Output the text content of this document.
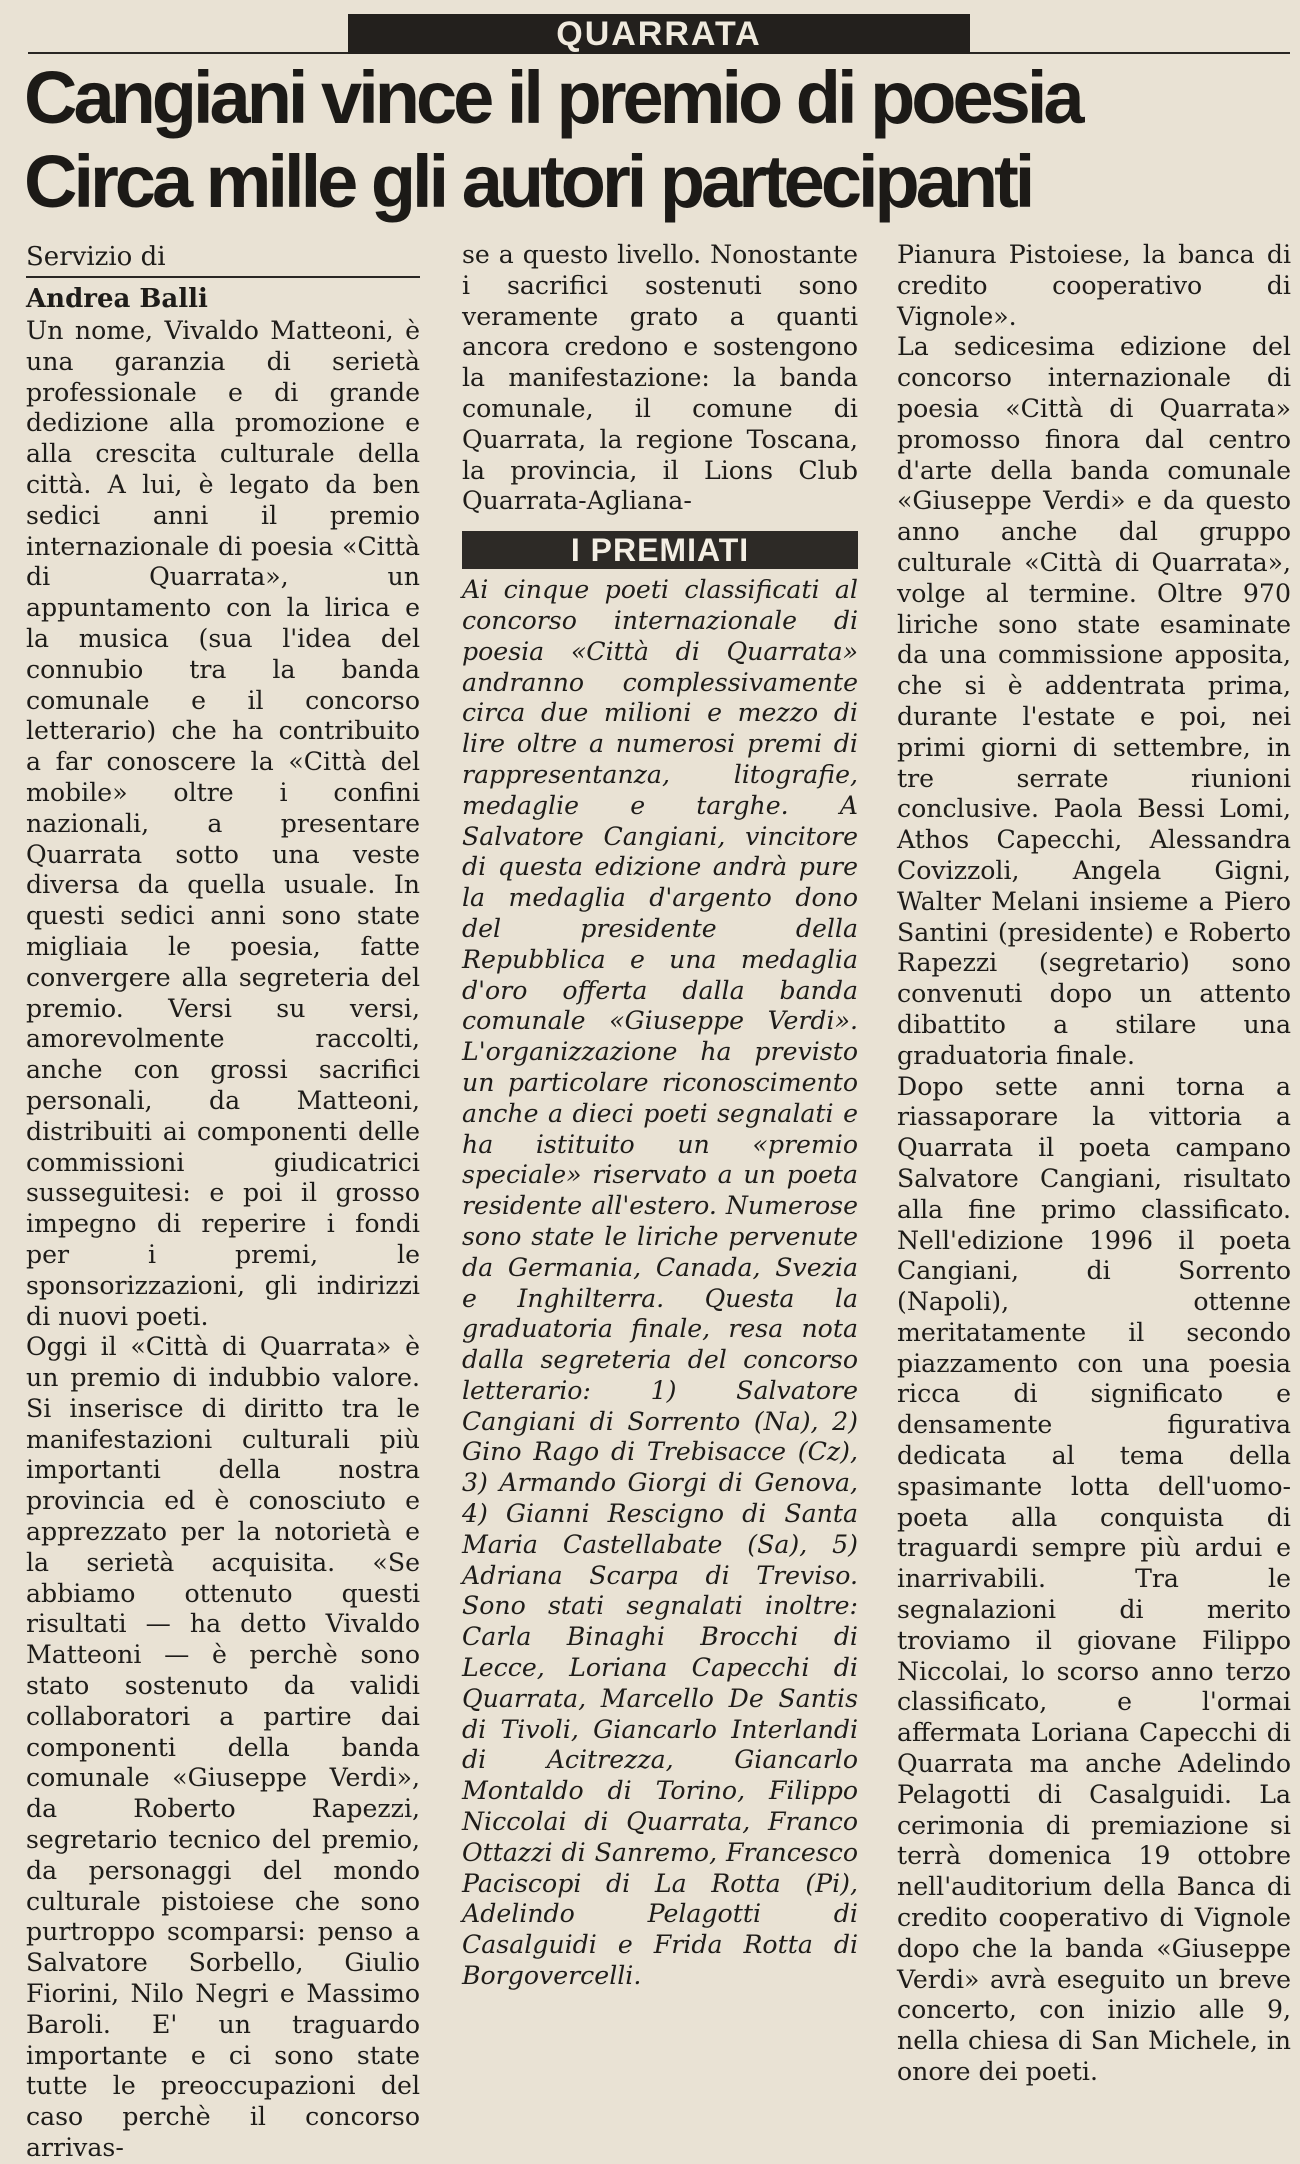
QUARRATA
Cangiani vince il premio di poesia
Circa mille gli autori partecipanti

Servizio di

Andrea Balli

Un nome, Vivaldo Matteoni, è una garanzia di serietà professionale e di grande dedizione alla promozione e alla crescita culturale della città. A lui, è legato da ben sedici anni il premio internazionale di poesia «Città di Quarrata», un appuntamento con la lirica e la musica (sua l'idea del connubio tra la banda comunale e il concorso letterario) che ha contribuito a far conoscere la «Città del mobile» oltre i confini nazionali, a presentare Quarrata sotto una veste diversa da quella usuale. In questi sedici anni sono state migliaia le poesia, fatte convergere alla segreteria del premio. Versi su versi, amorevolmente raccolti, anche con grossi sacrifici personali, da Matteoni, distribuiti ai componenti delle commissioni giudicatrici susseguitesi: e poi il grosso impegno di reperire i fondi per i premi, le sponsorizzazioni, gli indirizzi di nuovi poeti.

Oggi il «Città di Quarrata» è un premio di indubbio valore. Si inserisce di diritto tra le manifestazioni culturali più importanti della nostra provincia ed è conosciuto e apprezzato per la notorietà e la serietà acquisita. «Se abbiamo ottenuto questi risultati — ha detto Vivaldo Matteoni — è perchè sono stato sostenuto da validi collaboratori a partire dai componenti della banda comunale «Giuseppe Verdi», da Roberto Rapezzi, segretario tecnico del premio, da personaggi del mondo culturale pistoiese che sono purtroppo scomparsi: penso a Salvatore Sorbello, Giulio Fiorini, Nilo Negri e Massimo Baroli. E' un traguardo importante e ci sono state tutte le preoccupazioni del caso perchè il concorso arrivas-

se a questo livello. Nonostante i sacrifici sostenuti sono veramente grato a quanti ancora credono e sostengono la manifestazione: la banda comunale, il comune di Quarrata, la regione Toscana, la provincia, il Lions Club Quarrata-Agliana-

I PREMIATI

Ai cinque poeti classificati al concorso internazionale di poesia «Città di Quarrata» andranno complessivamente circa due milioni e mezzo di lire oltre a numerosi premi di rappresentanza, litografie, medaglie e targhe. A Salvatore Cangiani, vincitore di questa edizione andrà pure la medaglia d'argento dono del presidente della Repubblica e una medaglia d'oro offerta dalla banda comunale «Giuseppe Verdi». L'organizzazione ha previsto un particolare riconoscimento anche a dieci poeti segnalati e ha istituito un «premio speciale» riservato a un poeta residente all'estero. Numerose sono state le liriche pervenute da Germania, Canada, Svezia e Inghilterra. Questa la graduatoria finale, resa nota dalla segreteria del concorso letterario: 1) Salvatore Cangiani di Sorrento (Na), 2) Gino Rago di Trebisacce (Cz), 3) Armando Giorgi di Genova, 4) Gianni Rescigno di Santa Maria Castellabate (Sa), 5) Adriana Scarpa di Treviso. Sono stati segnalati inoltre: Carla Binaghi Brocchi di Lecce, Loriana Capecchi di Quarrata, Marcello De Santis di Tivoli, Giancarlo Interlandi di Acitrezza, Giancarlo Montaldo di Torino, Filippo Niccolai di Quarrata, Franco Ottazzi di Sanremo, Francesco Paciscopi di La Rotta (Pi), Adelindo Pelagotti di Casalguidi e Frida Rotta di Borgovercelli.

Pianura Pistoiese, la banca di credito cooperativo di Vignole».

La sedicesima edizione del concorso internazionale di poesia «Città di Quarrata» promosso finora dal centro d'arte della banda comunale «Giuseppe Verdi» e da questo anno anche dal gruppo culturale «Città di Quarrata», volge al termine. Oltre 970 liriche sono state esaminate da una commissione apposita, che si è addentrata prima, durante l'estate e poi, nei primi giorni di settembre, in tre serrate riunioni conclusive. Paola Bessi Lomi, Athos Capecchi, Alessandra Covizzoli, Angela Gigni, Walter Melani insieme a Piero Santini (presidente) e Roberto Rapezzi (segretario) sono convenuti dopo un attento dibattito a stilare una graduatoria finale.

Dopo sette anni torna a riassaporare la vittoria a Quarrata il poeta campano Salvatore Cangiani, risultato alla fine primo classificato. Nell'edizione 1996 il poeta Cangiani, di Sorrento (Napoli), ottenne meritatamente il secondo piazzamento con una poesia ricca di significato e densamente figurativa dedicata al tema della spasimante lotta dell'uomo-poeta alla conquista di traguardi sempre più ardui e inarrivabili. Tra le segnalazioni di merito troviamo il giovane Filippo Niccolai, lo scorso anno terzo classificato, e l'ormai affermata Loriana Capecchi di Quarrata ma anche Adelindo Pelagotti di Casalguidi. La cerimonia di premiazione si terrà domenica 19 ottobre nell'auditorium della Banca di credito cooperativo di Vignole dopo che la banda «Giuseppe Verdi» avrà eseguito un breve concerto, con inizio alle 9, nella chiesa di San Michele, in onore dei poeti.
